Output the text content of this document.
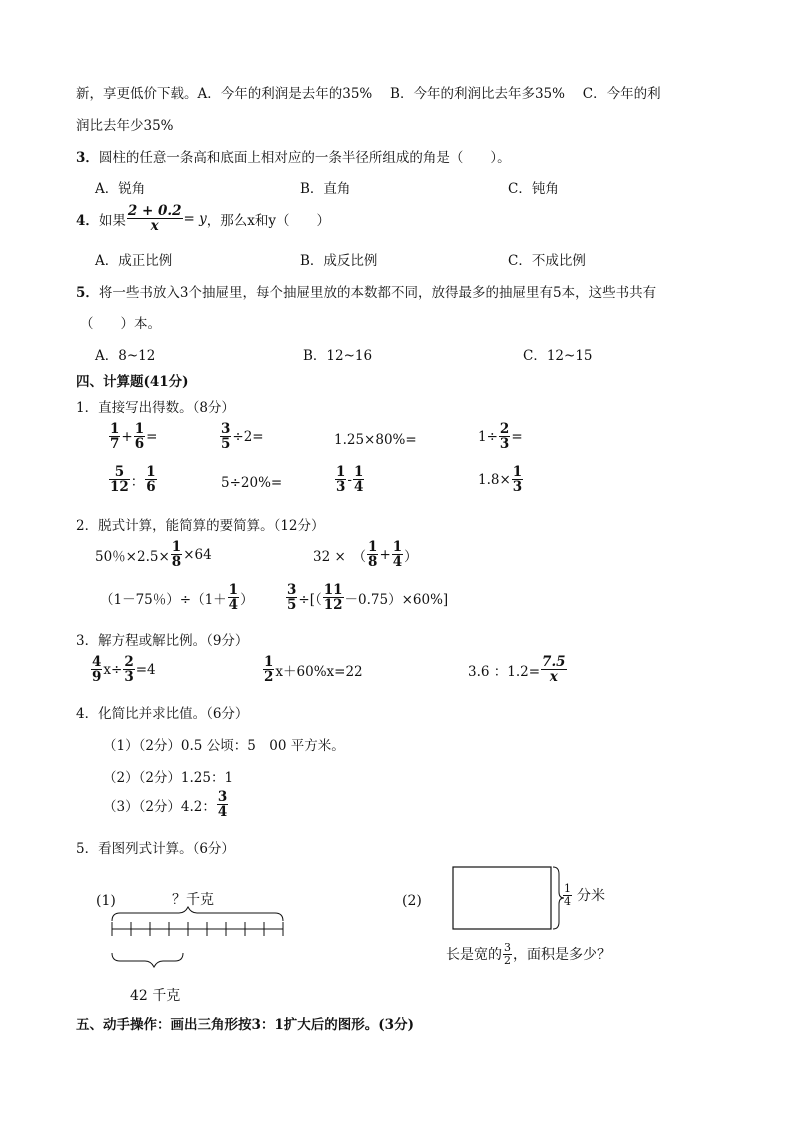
新，享更低价下载。A．今年的利润是去年的35%　 B．今年的利润比去年多35%　 C．今年的利
润比去年少35%
3．圆柱的任意一条高和底面上相对应的一条半径所组成的角是（　　）。
A．锐角	B．直角	C．钝角
4．如果 $\frac{2 + 0.2}{x} = y$，那么x和y（　　）
A．成正比例	B．成反比例	C．不成比例
5．将一些书放入3个抽屉里，每个抽屉里放的本数都不同，放得最多的抽屉里有5本，这些书共有
（　　）本。
A．8~12	B．12~16	C．12~15
四、计算题(41分)
1．直接写出得数。（8分）
$\frac{1}{7} + \frac{1}{6}$ =	$\frac{3}{5} \div 2=$	1.25×80%=	$1\div \frac{2}{3}$ =
$\frac{5}{12}$ ： $\frac{1}{6}$	5÷20%=	$\frac{1}{3} - \frac{1}{4}$	$1.8\times \frac{1}{3}$
2．脱式计算，能简算的要简算。（12分）
50％$\times 2.5\times \frac{1}{8} \times 64$	32 ×　（ $\frac{1}{8} + \frac{1}{4}$ ）
（1－75％）$\div(1+ \frac{1}{4}$ ） $\frac{3}{5}$ ÷[（ $\frac{11}{12} -0.75)\times 60\%$]
3．解方程或解比例。（9分）
$\frac{4}{9} x\div \frac{2}{3} =4$	$\frac{1}{2} x+60\%x=22$	3.6 ：$1.2= \frac{7.5}{x}$
4．化简比并求比值。（6分）
（1）（2分）0.5 公顷：5　00 平方米。
（2）（2分）1.25：1
（3）（2分）4.2： $\frac{3}{4}$
5．看图列式计算。（6分）
(1)	？千克
42 千克
(2)	$\frac{1}{4}$ 分米
长是宽的 $\frac{3}{2}$ ，面积是多少？
五、动手操作：画出三角形按3：1扩大后的图形。(3分)
